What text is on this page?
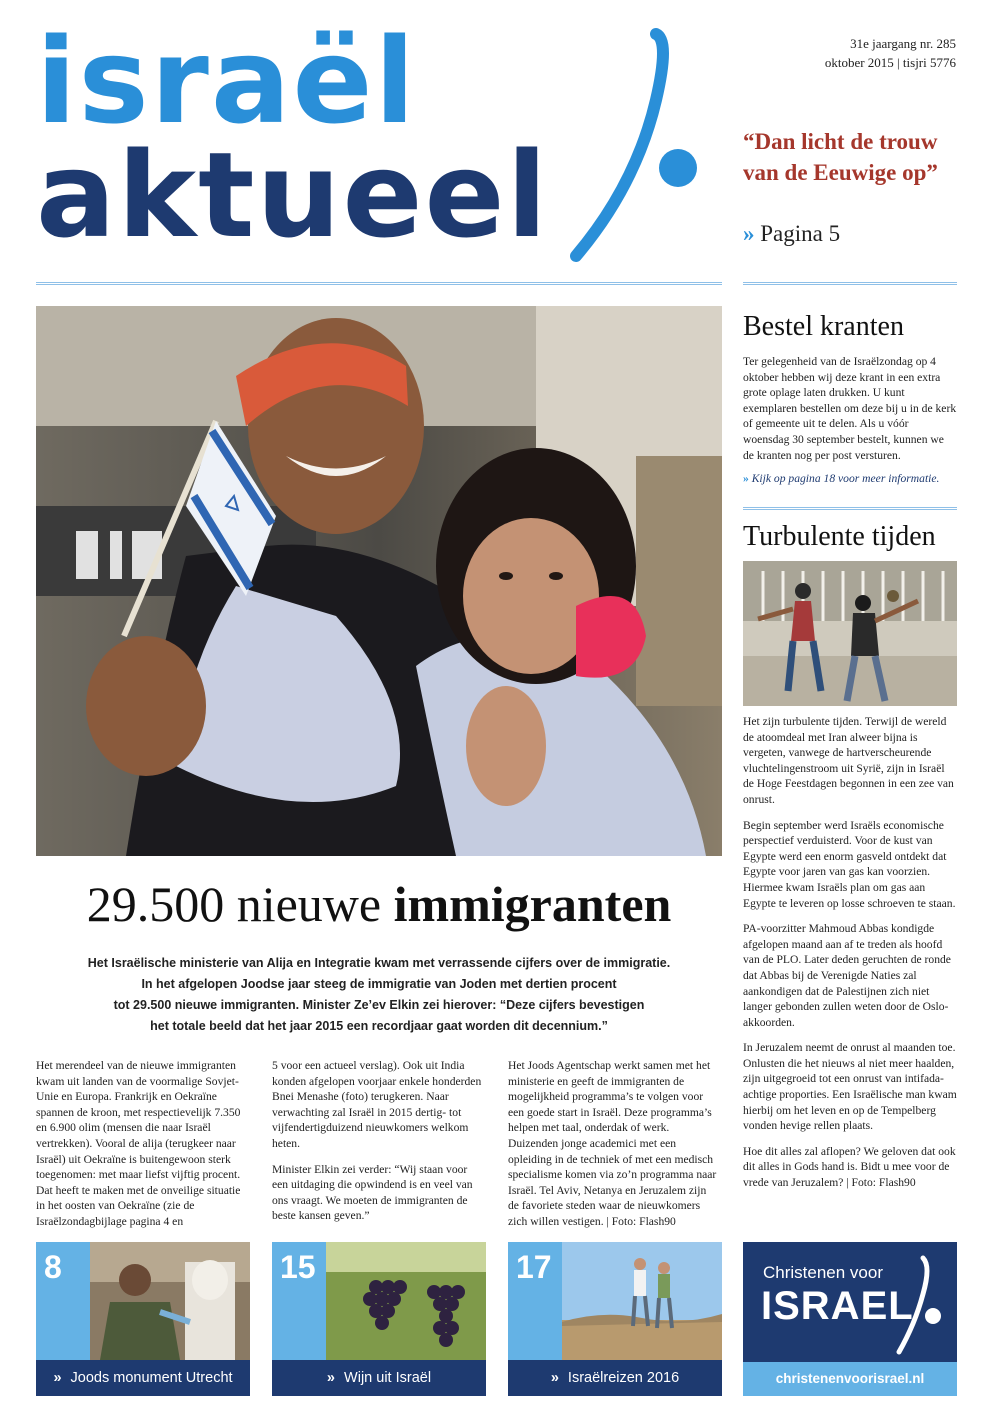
israël
aktueel
31e jaargang nr. 285
oktober 2015 | tisjri 5776
“Dan licht de trouw van de Eeuwige op”
» Pagina 5
29.500 nieuwe immigranten
Het Israëlische ministerie van Alija en Integratie kwam met verrassende cijfers over de immigratie.
In het afgelopen Joodse jaar steeg de immigratie van Joden met dertien procent
tot 29.500 nieuwe immigranten. Minister Ze’ev Elkin zei hierover: “Deze cijfers bevestigen
het totale beeld dat het jaar 2015 een recordjaar gaat worden dit decennium.”

Het merendeel van de nieuwe immigranten kwam uit landen van de voormalige Sovjet-Unie en Europa. Frankrijk en Oekraïne spannen de kroon, met respectievelijk 7.350 en 6.900 olim (mensen die naar Israël vertrekken). Vooral de alija (terugkeer naar Israël) uit Oekraïne is buitengewoon sterk toegenomen: met maar liefst vijftig procent. Dat heeft te maken met de onveilige situatie in het oosten van Oekraïne (zie de Israëlzondagbijlage pagina 4 en

5 voor een actueel verslag). Ook uit India konden afgelopen voorjaar enkele honderden Bnei Menashe (foto) terugkeren. Naar verwachting zal Israël in 2015 dertig- tot vijfendertigduizend nieuwkomers welkom heten.

Minister Elkin zei verder: “Wij staan voor een uitdaging die opwindend is en veel van ons vraagt. We moeten de immigranten de beste kansen geven.”

Het Joods Agentschap werkt samen met het ministerie en geeft de immigranten de mogelijkheid programma’s te volgen voor een goede start in Israël. Deze programma’s helpen met taal, onderdak of werk. Duizenden jonge academici met een opleiding in de techniek of met een medisch specialisme komen via zo’n programma naar Israël. Tel Aviv, Netanya en Jeruzalem zijn de favoriete steden waar de nieuwkomers zich willen vestigen. | Foto: Flash90

Bestel kranten

Ter gelegenheid van de Israëlzondag op 4 oktober hebben wij deze krant in een extra grote oplage laten drukken. U kunt exemplaren bestellen om deze bij u in de kerk of gemeente uit te delen. Als u vóór woensdag 30 september bestelt, kunnen we de kranten nog per post versturen.

» Kijk op pagina 18 voor meer informatie.

Turbulente tijden

Het zijn turbulente tijden. Terwijl de wereld de atoomdeal met Iran alweer bijna is vergeten, vanwege de hartverscheurende vluchtelingenstroom uit Syrië, zijn in Israël de Hoge Feestdagen begonnen in een zee van onrust.

Begin september werd Israëls economische perspectief verduisterd. Voor de kust van Egypte werd een enorm gasveld ontdekt dat Egypte voor jaren van gas kan voorzien. Hiermee kwam Israëls plan om gas aan Egypte te leveren op losse schroeven te staan.

PA-voorzitter Mahmoud Abbas kondigde afgelopen maand aan af te treden als hoofd van de PLO. Later deden geruchten de ronde dat Abbas bij de Verenigde Naties zal aankondigen dat de Palestijnen zich niet langer gebonden zullen weten door de Oslo-akkoorden.

In Jeruzalem neemt de onrust al maanden toe. Onlusten die het nieuws al niet meer haalden, zijn uitgegroeid tot een onrust van intifada-achtige proporties. Een Israëlische man kwam hierbij om het leven en op de Tempelberg vonden hevige rellen plaats.

Hoe dit alles zal aflopen? We geloven dat ook dit alles in Gods hand is. Bidt u mee voor de vrede van Jeruzalem? | Foto: Flash90

8
» Joods monument Utrecht
15
» Wijn uit Israël
17
» Israëlreizen 2016
Christenen voor
ISRAEL
christenenvoorisrael.nl
